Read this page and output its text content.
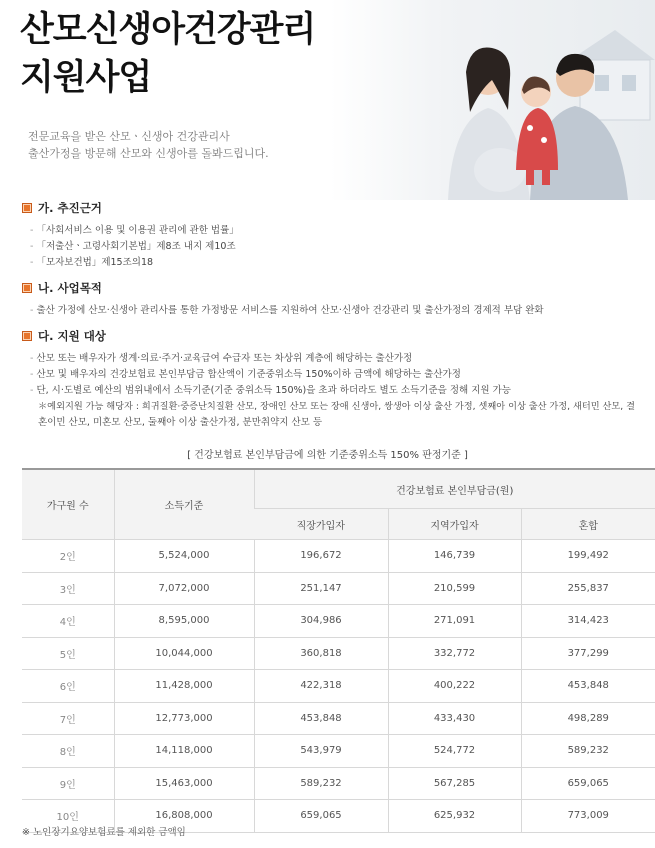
산모신생아건강관리
지원사업
전문교육을 받은 산모ㆍ신생아 건강관리사
출산가정을 방문해 산모와 신생아를 돌봐드립니다.
가. 추진근거
- 「사회서비스 이용 및 이용권 관리에 관한 법률」
- 「저출산ㆍ고령사회기본법」제8조 내지 제10조
- 「모자보건법」제15조의18
나. 사업목적
- 출산 가정에 산모·신생아 관리사를 통한 가정방문 서비스를 지원하여 산모·신생아 건강관리 및 출산가정의 경제적 부담 완화
다. 지원 대상
- 산모 또는 배우자가 생계·의료·주거·교육급여 수급자 또는 차상위 계층에 해당하는 출산가정
- 산모 및 배우자의 건강보험료 본인부담금 합산액이 기준중위소득 150%이하 금액에 해당하는 출산가정
- 단, 시·도별로 예산의 범위내에서 소득기준(기준 중위소득 150%)을 초과 하더라도 별도 소득기준을 정해 지원 가능
＊예외지원 가능 해당자 : 희귀질환·중증난치질환 산모, 장애인 산모 또는 장애 신생아, 쌍생아 이상 출산 가정, 셋째아 이상 출산 가정, 새터민 산모, 결
혼이민 산모, 미혼모 산모, 둘째아 이상 출산가정, 분만취약지 산모 등
[ 건강보험료 본인부담금에 의한 기준중위소득 150% 판정기준 ]
가구원 수	소득기준	건강보험료 본인부담금(원)		
		직장가입자	지역가입자	혼합
2인	5,524,000	196,672	146,739	199,492
3인	7,072,000	251,147	210,599	255,837
4인	8,595,000	304,986	271,091	314,423
5인	10,044,000	360,818	332,772	377,299
6인	11,428,000	422,318	400,222	453,848
7인	12,773,000	453,848	433,430	498,289
8인	14,118,000	543,979	524,772	589,232
9인	15,463,000	589,232	567,285	659,065
10인	16,808,000	659,065	625,932	773,009
※ 노인장기요양보험료를 제외한 금액임
